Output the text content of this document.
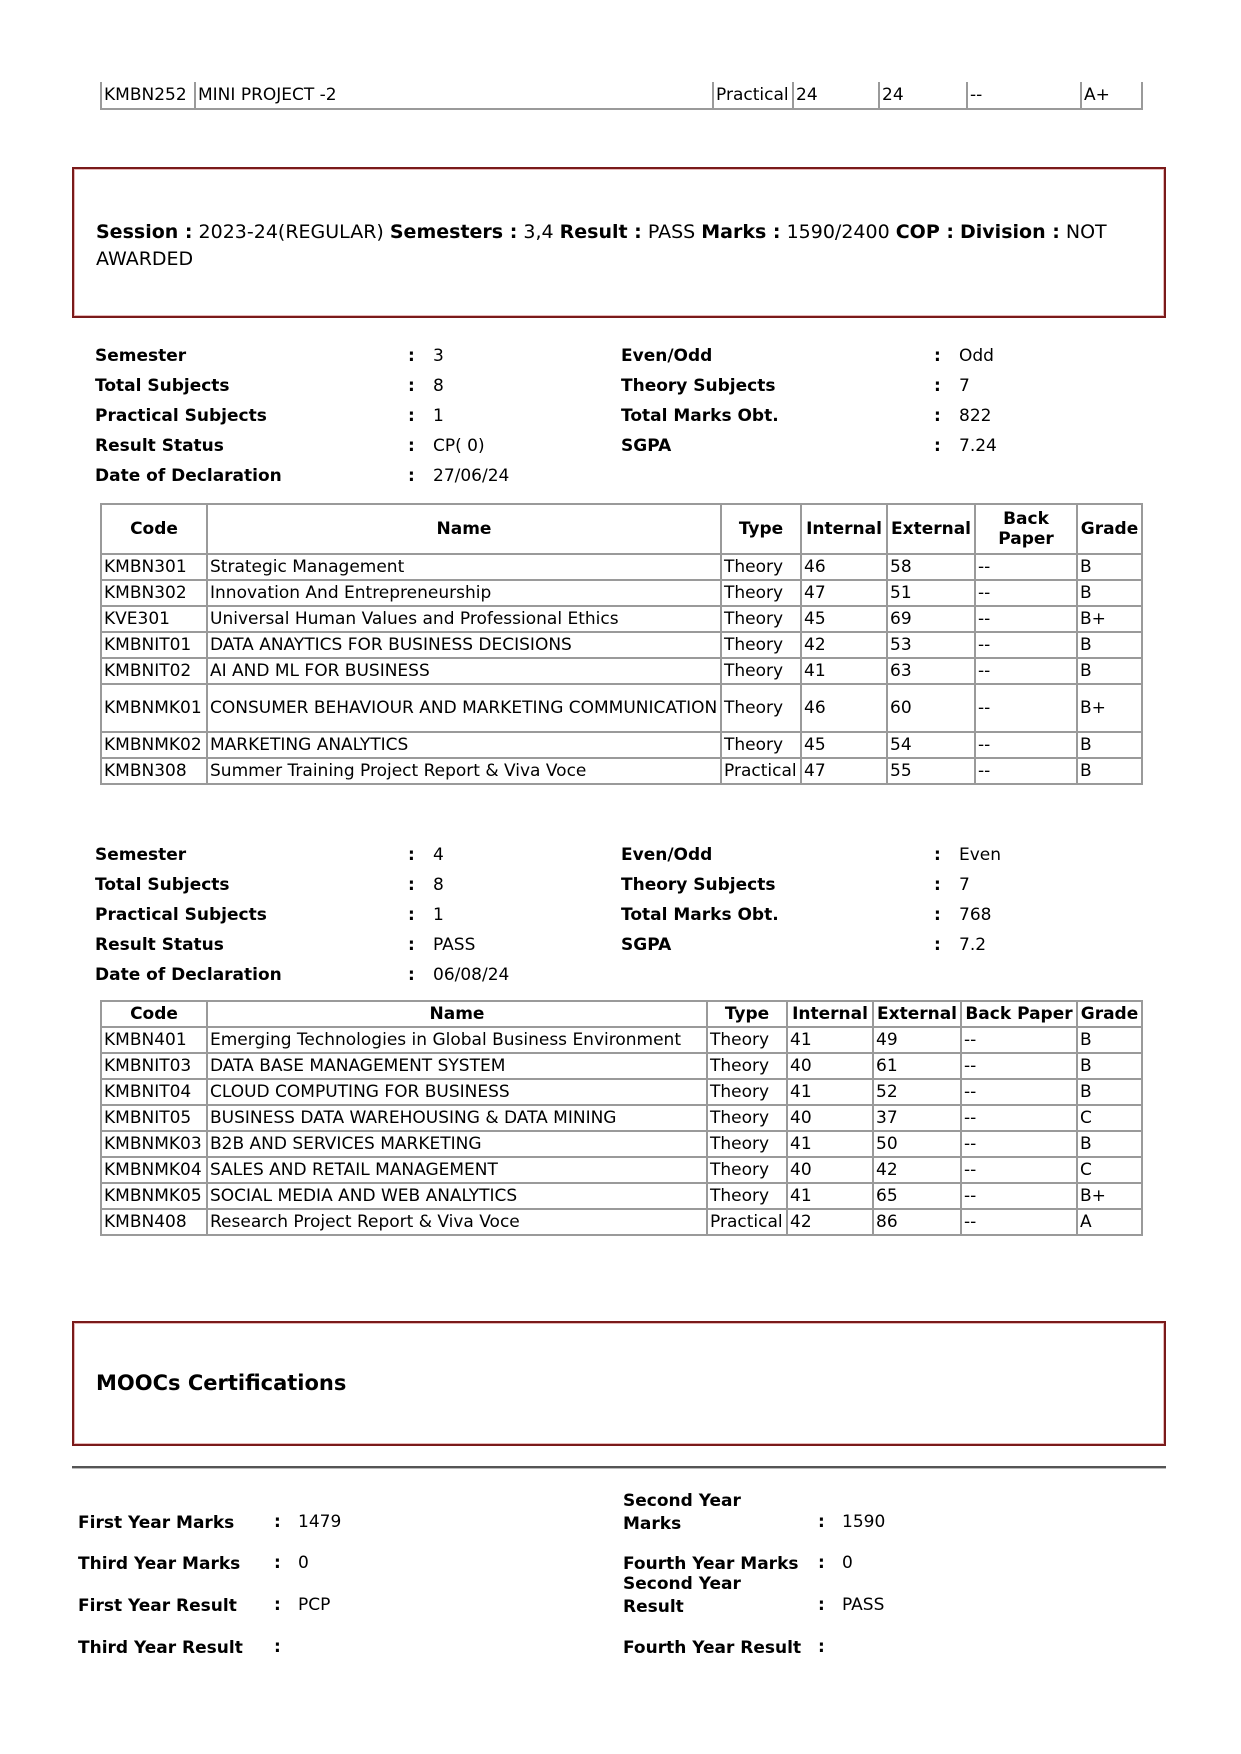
KMBN252	MINI PROJECT -2	Practical	24	24	--	A+
Session : 2023-24(REGULAR) Semesters : 3,4 Result : PASS Marks : 1590/2400 COP : Division : NOT AWARDED
Semester	: 3	Even/Odd	: Odd
Total Subjects	: 8	Theory Subjects	: 7
Practical Subjects	: 1	Total Marks Obt.	: 822
Result Status	: CP( 0)	SGPA	: 7.24
Date of Declaration	: 27/06/24
Code	Name	Type	Internal	External	Back Paper	Grade
KMBN301	Strategic Management	Theory	46	58	--	B
KMBN302	Innovation And Entrepreneurship	Theory	47	51	--	B
KVE301	Universal Human Values and Professional Ethics	Theory	45	69	--	B+
KMBNIT01	DATA ANAYTICS FOR BUSINESS DECISIONS	Theory	42	53	--	B
KMBNIT02	AI AND ML FOR BUSINESS	Theory	41	63	--	B
KMBNMK01	CONSUMER BEHAVIOUR AND MARKETING COMMUNICATION	Theory	46	60	--	B+
KMBNMK02	MARKETING ANALYTICS	Theory	45	54	--	B
KMBN308	Summer Training Project Report & Viva Voce	Practical	47	55	--	B
Semester	: 4	Even/Odd	: Even
Total Subjects	: 8	Theory Subjects	: 7
Practical Subjects	: 1	Total Marks Obt.	: 768
Result Status	: PASS	SGPA	: 7.2
Date of Declaration	: 06/08/24
Code	Name	Type	Internal	External	Back Paper	Grade
KMBN401	Emerging Technologies in Global Business Environment	Theory	41	49	--	B
KMBNIT03	DATA BASE MANAGEMENT SYSTEM	Theory	40	61	--	B
KMBNIT04	CLOUD COMPUTING FOR BUSINESS	Theory	41	52	--	B
KMBNIT05	BUSINESS DATA WAREHOUSING & DATA MINING	Theory	40	37	--	C
KMBNMK03	B2B AND SERVICES MARKETING	Theory	41	50	--	B
KMBNMK04	SALES AND RETAIL MANAGEMENT	Theory	40	42	--	C
KMBNMK05	SOCIAL MEDIA AND WEB ANALYTICS	Theory	41	65	--	B+
KMBN408	Research Project Report & Viva Voce	Practical	42	86	--	A
MOOCs Certifications
First Year Marks : 1479
Second Year Marks	: 1590
Third Year Marks : 0	Fourth Year Marks : 0
First Year Result : PCP
Second Year Result	: PASS
Third Year Result :	Fourth Year Result :
